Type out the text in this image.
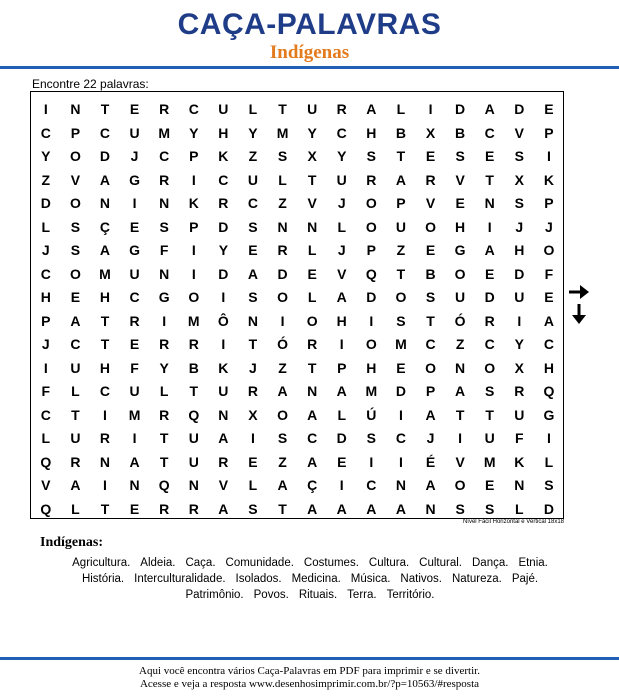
CAÇA-PALAVRAS
Indígenas
Encontre 22 palavras:
I	N	T	E	R	C	U	L	T	U	R	A	L	I	D	A	D	E
C	P	C	U	M	Y	H	Y	M	Y	C	H	B	X	B	C	V	P
Y	O	D	J	C	P	K	Z	S	X	Y	S	T	E	S	E	S	I
Z	V	A	G	R	I	C	U	L	T	U	R	A	R	V	T	X	K
D	O	N	I	N	K	R	C	Z	V	J	O	P	V	E	N	S	P
L	S	Ç	E	S	P	D	S	N	N	L	O	U	O	H	I	J	J
J	S	A	G	F	I	Y	E	R	L	J	P	Z	E	G	A	H	O
C	O	M	U	N	I	D	A	D	E	V	Q	T	B	O	E	D	F
H	E	H	C	G	O	I	S	O	L	A	D	O	S	U	D	U	E
P	A	T	R	I	M	Ô	N	I	O	H	I	S	T	Ó	R	I	A
J	C	T	E	R	R	I	T	Ó	R	I	O	M	C	Z	C	Y	C
I	U	H	F	Y	B	K	J	Z	T	P	H	E	O	N	O	X	H
F	L	C	U	L	T	U	R	A	N	A	M	D	P	A	S	R	Q
C	T	I	M	R	Q	N	X	O	A	L	Ú	I	A	T	T	U	G
L	U	R	I	T	U	A	I	S	C	D	S	C	J	I	U	F	I
Q	R	N	A	T	U	R	E	Z	A	E	I	I	É	V	M	K	L
V	A	I	N	Q	N	V	L	A	Ç	I	C	N	A	O	E	N	S
Q	L	T	E	R	R	A	S	T	A	A	A	A	N	S	S	L	D
Nível Fácil Horizontal e Vertical 18x18
Indígenas:
Agricultura. Aldeia. Caça. Comunidade. Costumes. Cultura. Cultural. Dança. Etnia.
História. Interculturalidade. Isolados. Medicina. Música. Nativos. Natureza. Pajé.
Patrimônio. Povos. Rituais. Terra. Território.
Aqui você encontra vários Caça-Palavras em PDF para imprimir e se divertir.
Acesse e veja a resposta www.desenhosimprimir.com.br/?p=10563/#resposta
